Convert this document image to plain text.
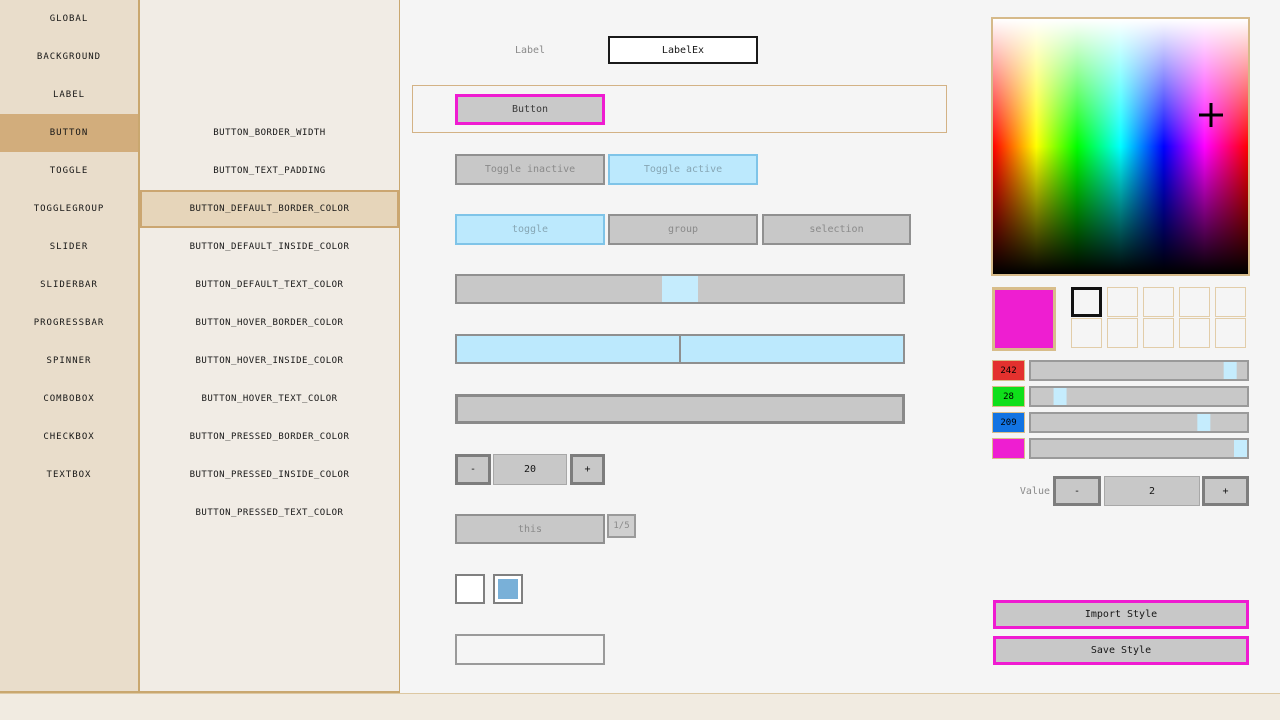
GLOBAL
BACKGROUND
LABEL
BUTTON
TOGGLE
TOGGLEGROUP
SLIDER
SLIDERBAR
PROGRESSBAR
SPINNER
COMBOBOX
CHECKBOX
TEXTBOX
BUTTON_BORDER_WIDTH
BUTTON_TEXT_PADDING
BUTTON_DEFAULT_BORDER_COLOR
BUTTON_DEFAULT_INSIDE_COLOR
BUTTON_DEFAULT_TEXT_COLOR
BUTTON_HOVER_BORDER_COLOR
BUTTON_HOVER_INSIDE_COLOR
BUTTON_HOVER_TEXT_COLOR
BUTTON_PRESSED_BORDER_COLOR
BUTTON_PRESSED_INSIDE_COLOR
BUTTON_PRESSED_TEXT_COLOR
Label	LabelEx
Button
Toggle inactive	Toggle active
toggle	group	selection
-	20	+
this	1/5
242
28
209
Value	-	2	+
Import Style
Save Style
